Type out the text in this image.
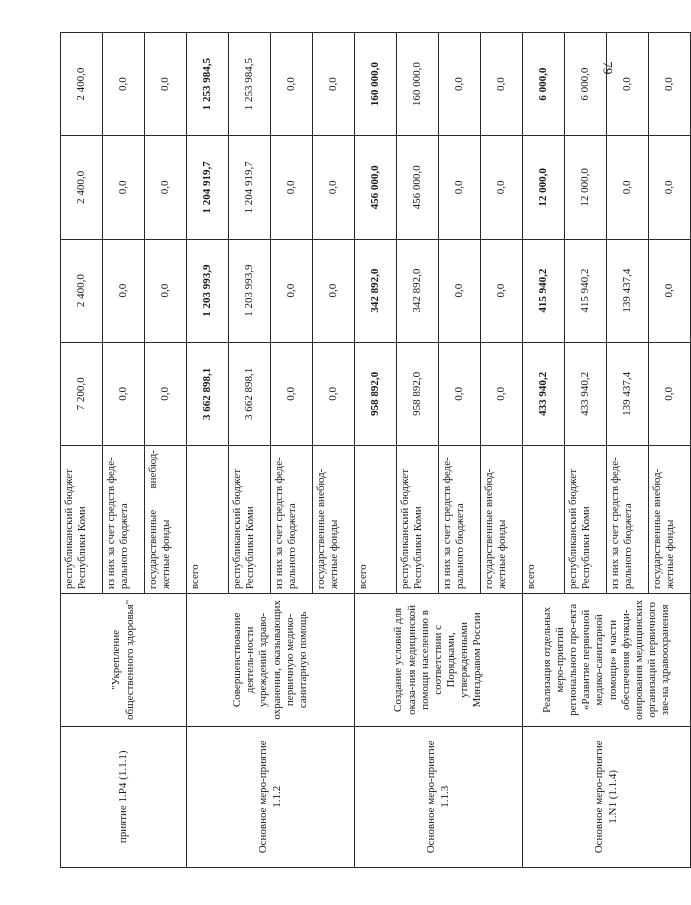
79
приятие 1.Р4 (1.1.1)	"Укрепление общественного здоровья"	республиканский бюджет Республики Коми	7 200,0	2 400,0	2 400,0	2 400,0
		из них за счет средств феде-рального бюджета	0,0	0,0	0,0	0,0
		государственные внебюд-жетные фонды	0,0	0,0	0,0	0,0
Основное меро-приятие 1.1.2	Совершенствование деятель-ности учреждений здраво-охранения, оказывающих первичную медико-санитарную помощь	всего	3 662 898,1	1 203 993,9	1 204 919,7	1 253 984,5
		республиканский бюджет Республики Коми	3 662 898,1	1 203 993,9	1 204 919,7	1 253 984,5
		из них за счет средств феде-рального бюджета	0,0	0,0	0,0	0,0
		государственные внебюд-жетные фонды	0,0	0,0	0,0	0,0
Основное меро-приятие 1.1.3	Создание условий для оказа-ния медицинской помощи населению в соответствии с Порядками, утвержденными Минздравом России	всего	958 892,0	342 892,0	456 000,0	160 000,0
		республиканский бюджет Республики Коми	958 892,0	342 892,0	456 000,0	160 000,0
		из них за счет средств феде-рального бюджета	0,0	0,0	0,0	0,0
		государственные внебюд-жетные фонды	0,0	0,0	0,0	0,0
Основное меро-приятие 1.N1 (1.1.4)	Реализация отдельных меро-приятий регионального про-екта «Развитие первичной медико-санитарной помощи» в части обеспечения функци-онирования медицинских организаций первичного зве-на здравоохранения	всего	433 940,2	415 940,2	12 000,0	6 000,0
		республиканский бюджет Республики Коми	433 940,2	415 940,2	12 000,0	6 000,0
		из них за счет средств феде-рального бюджета	139 437,4	139 437,4	0,0	0,0
		государственные внебюд-жетные фонды	0,0	0,0	0,0	0,0
